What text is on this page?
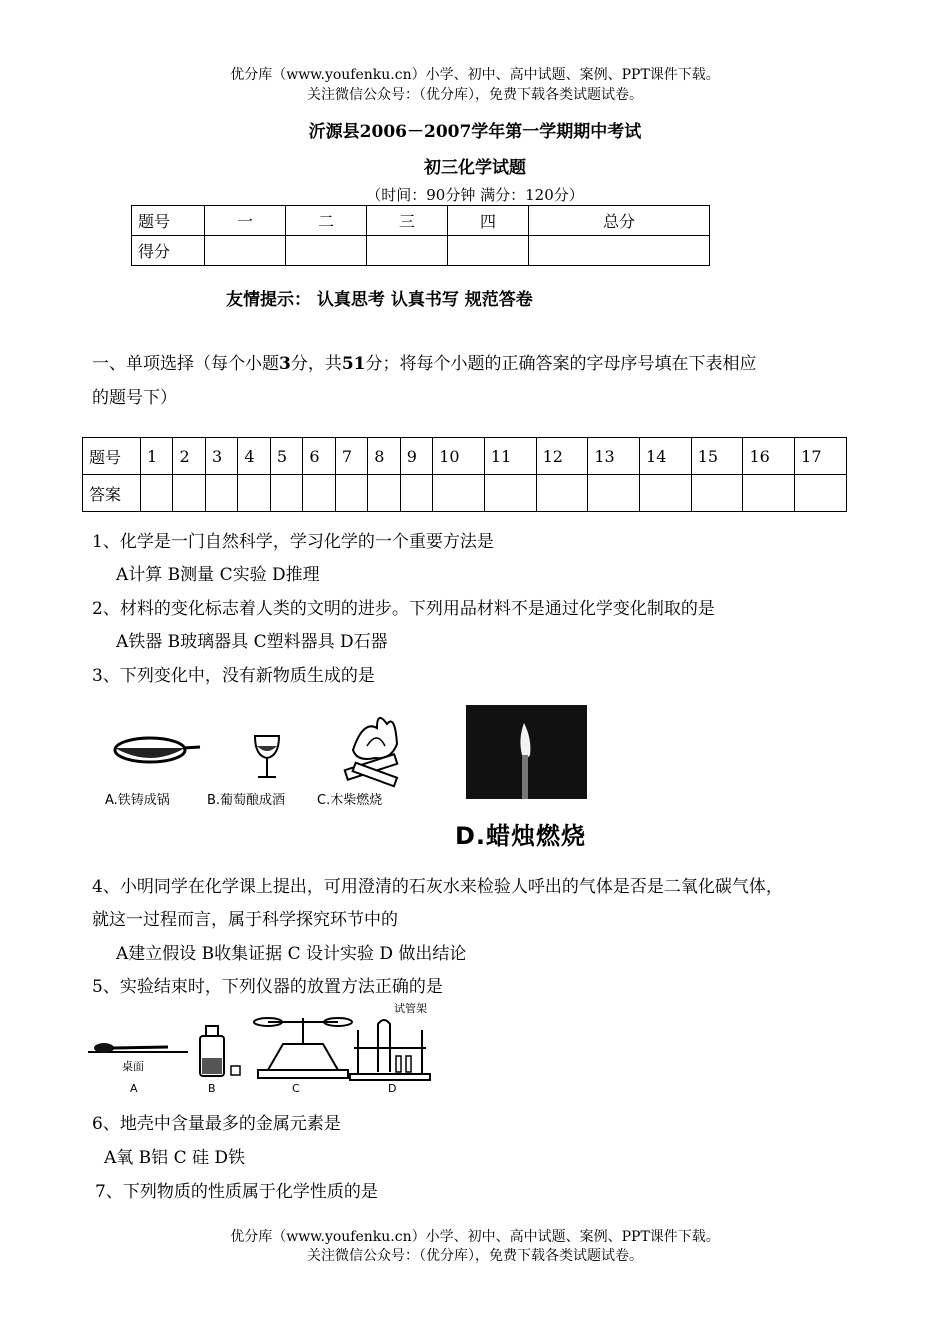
优分库（www.youfenku.cn）小学、初中、高中试题、案例、PPT课件下载。
关注微信公众号：（优分库），免费下载各类试题试卷。
沂源县2006－2007学年第一学期期中考试
初三化学试题
（时间：90分钟 满分：120分）
题号	一	二	三	四	总分
得分					
友情提示： 认真思考 认真书写 规范答卷
一、单项选择（每个小题3分，共51分；将每个小题的正确答案的字母序号填在下表相应
的题号下）
题号	1	2	3	4	5	6	7	8	9	10	11	12	13	14	15	16	17
答案																	
1、化学是一门自然科学，学习化学的一个重要方法是
A计算 B测量 C实验 D推理
2、材料的变化标志着人类的文明的进步。下列用品材料不是通过化学变化制取的是
A铁器 B玻璃器具 C塑料器具 D石器
3、下列变化中，没有新物质生成的是
A.铁铸成锅	B.葡萄酿成酒 C.木柴燃烧
D.蜡烛燃烧
4、小明同学在化学课上提出，可用澄清的石灰水来检验人呼出的气体是否是二氧化碳气体，
就这一过程而言，属于科学探究环节中的
A建立假设 B收集证据 C 设计实验 D 做出结论
5、实验结束时，下列仪器的放置方法正确的是
桌面
试管架
A	B	C	D
6、地壳中含量最多的金属元素是
A氧 B铝 C 硅 D铁
7、下列物质的性质属于化学性质的是
优分库（www.youfenku.cn）小学、初中、高中试题、案例、PPT课件下载。
关注微信公众号：（优分库），免费下载各类试题试卷。
